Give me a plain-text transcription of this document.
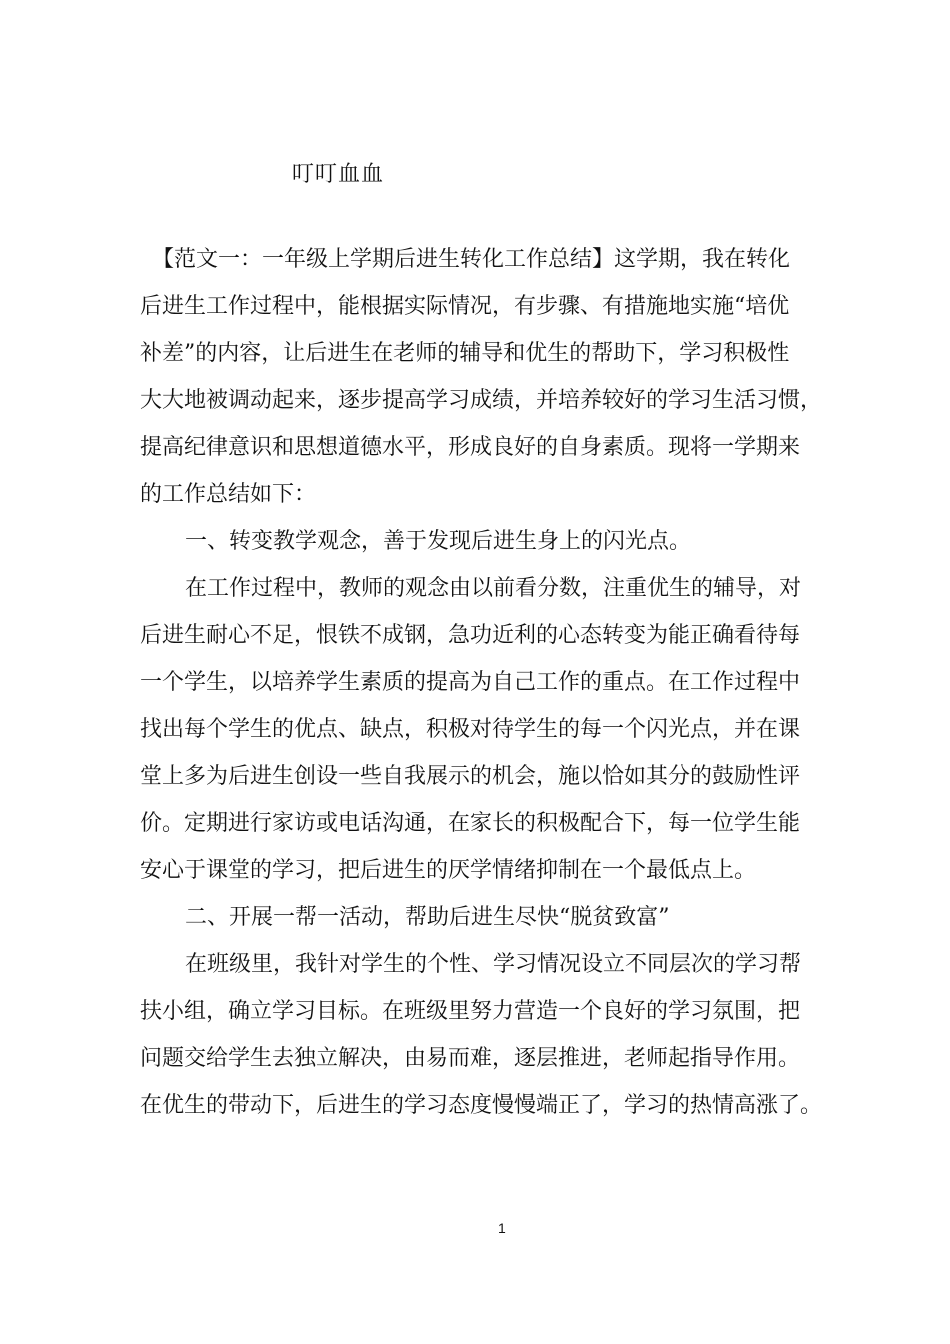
叮叮血血
【范文一：一年级上学期后进生转化工作总结】这学期，我在转化
后进生工作过程中，能根据实际情况，有步骤、有措施地实施“培优
补差”的内容，让后进生在老师的辅导和优生的帮助下，学习积极性
大大地被调动起来，逐步提高学习成绩，并培养较好的学习生活习惯，
提高纪律意识和思想道德水平，形成良好的自身素质。现将一学期来
的工作总结如下：
一、转变教学观念，善于发现后进生身上的闪光点。
在工作过程中，教师的观念由以前看分数，注重优生的辅导，对
后进生耐心不足，恨铁不成钢，急功近利的心态转变为能正确看待每
一个学生，以培养学生素质的提高为自己工作的重点。在工作过程中
找出每个学生的优点、缺点，积极对待学生的每一个闪光点，并在课
堂上多为后进生创设一些自我展示的机会，施以恰如其分的鼓励性评
价。定期进行家访或电话沟通，在家长的积极配合下，每一位学生能
安心于课堂的学习，把后进生的厌学情绪抑制在一个最低点上。
二、开展一帮一活动，帮助后进生尽快“脱贫致富”
在班级里，我针对学生的个性、学习情况设立不同层次的学习帮
扶小组，确立学习目标。在班级里努力营造一个良好的学习氛围，把
问题交给学生去独立解决，由易而难，逐层推进，老师起指导作用。
在优生的带动下，后进生的学习态度慢慢端正了，学习的热情高涨了。
1
